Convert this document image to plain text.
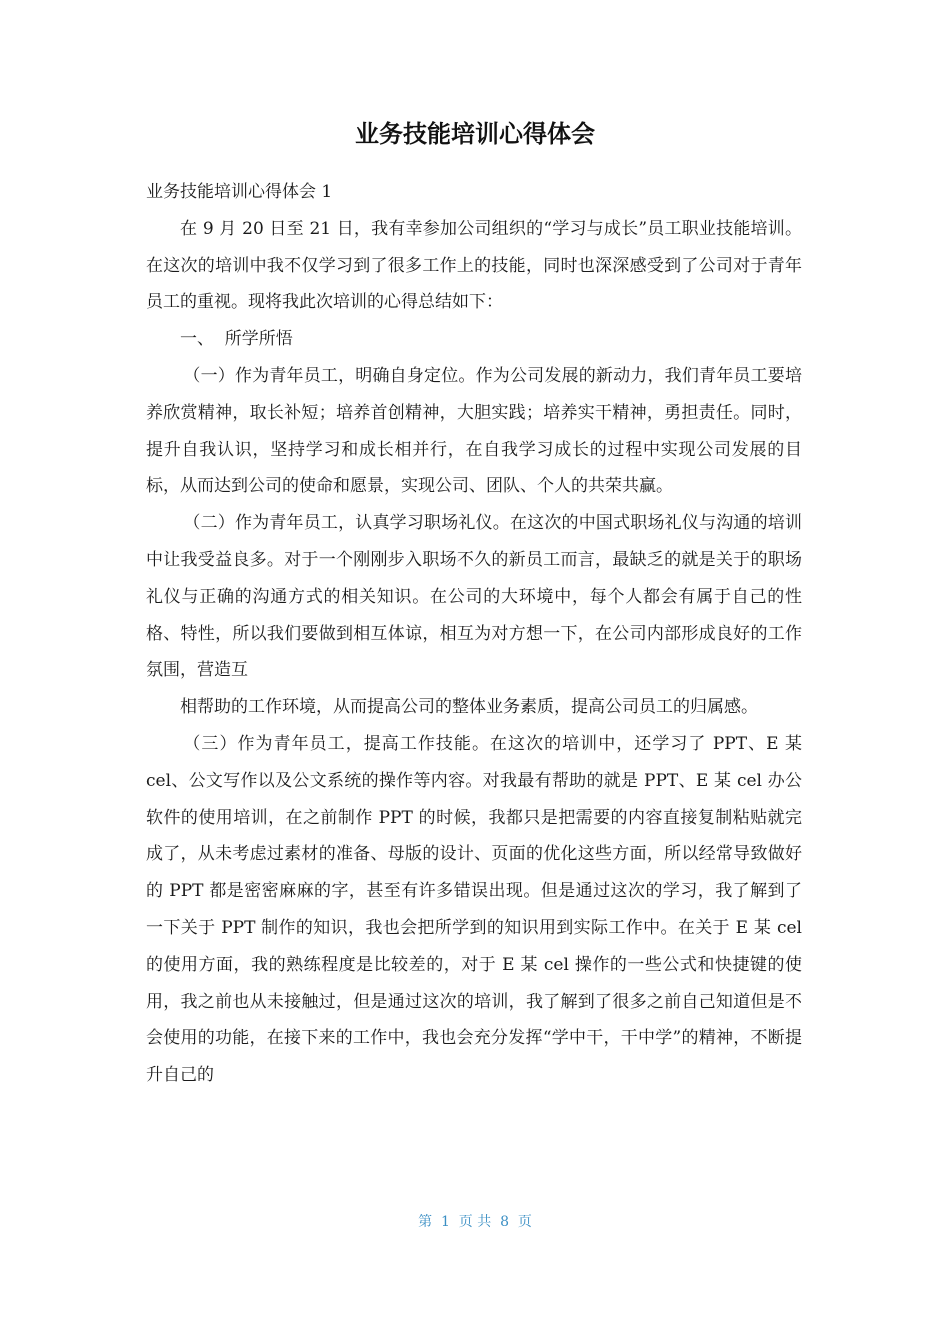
业务技能培训心得体会

业务技能培训心得体会 1

在 9 月 20 日至 21 日，我有幸参加公司组织的“学习与成长”员工职业技能培训。在这次的培训中我不仅学习到了很多工作上的技能，同时也深深感受到了公司对于青年员工的重视。现将我此次培训的心得总结如下：

一、  所学所悟

（一）作为青年员工，明确自身定位。作为公司发展的新动力，我们青年员工要培养欣赏精神，取长补短；培养首创精神，大胆实践；培养实干精神，勇担责任。同时，提升自我认识，坚持学习和成长相并行，在自我学习成长的过程中实现公司发展的目标，从而达到公司的使命和愿景，实现公司、团队、个人的共荣共赢。

（二）作为青年员工，认真学习职场礼仪。在这次的中国式职场礼仪与沟通的培训中让我受益良多。对于一个刚刚步入职场不久的新员工而言，最缺乏的就是关于的职场礼仪与正确的沟通方式的相关知识。在公司的大环境中，每个人都会有属于自己的性格、特性，所以我们要做到相互体谅，相互为对方想一下，在公司内部形成良好的工作氛围，营造互

相帮助的工作环境，从而提高公司的整体业务素质，提高公司员工的归属感。

（三）作为青年员工，提高工作技能。在这次的培训中，还学习了 PPT、E 某 cel、公文写作以及公文系统的操作等内容。对我最有帮助的就是 PPT、E 某 cel 办公软件的使用培训，在之前制作 PPT 的时候，我都只是把需要的内容直接复制粘贴就完成了，从未考虑过素材的准备、母版的设计、页面的优化这些方面，所以经常导致做好的 PPT 都是密密麻麻的字，甚至有许多错误出现。但是通过这次的学习，我了解到了一下关于 PPT 制作的知识，我也会把所学到的知识用到实际工作中。在关于 E 某 cel 的使用方面，我的熟练程度是比较差的，对于 E 某 cel 操作的一些公式和快捷键的使用，我之前也从未接触过，但是通过这次的培训，我了解到了很多之前自己知道但是不会使用的功能，在接下来的工作中，我也会充分发挥“学中干，干中学”的精神，不断提升自己的

第  1  页 共  8  页
